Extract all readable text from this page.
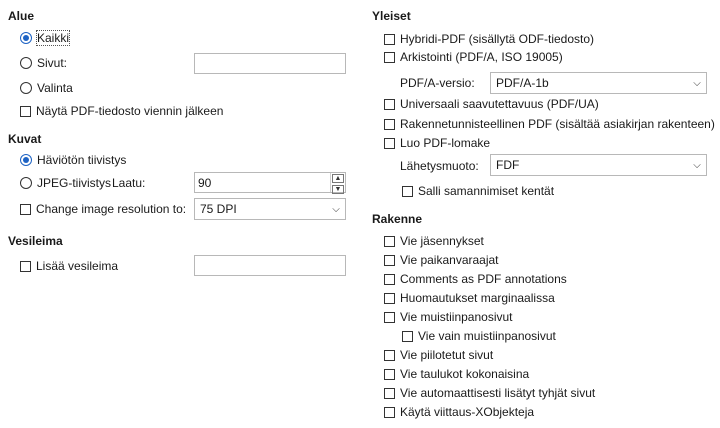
Alue
Kaikki
Sivut:
Valinta
Näytä PDF-tiedosto viennin jälkeen
Kuvat
Häviötön tiivistys
JPEG-tiivistys Laatu:	90	▲
▼
Change image resolution to:	75 DPI	⌵
Vesileima
Lisää vesileima
Yleiset
Hybridi-PDF (sisällytä ODF-tiedosto)
Arkistointi (PDF/A, ISO 19005)
PDF/A-versio:	PDF/A-1b	⌵
Universaali saavutettavuus (PDF/UA)
Rakennetunnisteellinen PDF (sisältää asiakirjan rakenteen)
Luo PDF-lomake
Lähetysmuoto:	FDF	⌵
Salli samannimiset kentät
Rakenne
Vie jäsennykset
Vie paikanvaraajat
Comments as PDF annotations
Huomautukset marginaalissa
Vie muistiinpanosivut
Vie vain muistiinpanosivut
Vie piilotetut sivut
Vie taulukot kokonaisina
Vie automaattisesti lisätyt tyhjät sivut
Käytä viittaus-XObjekteja
